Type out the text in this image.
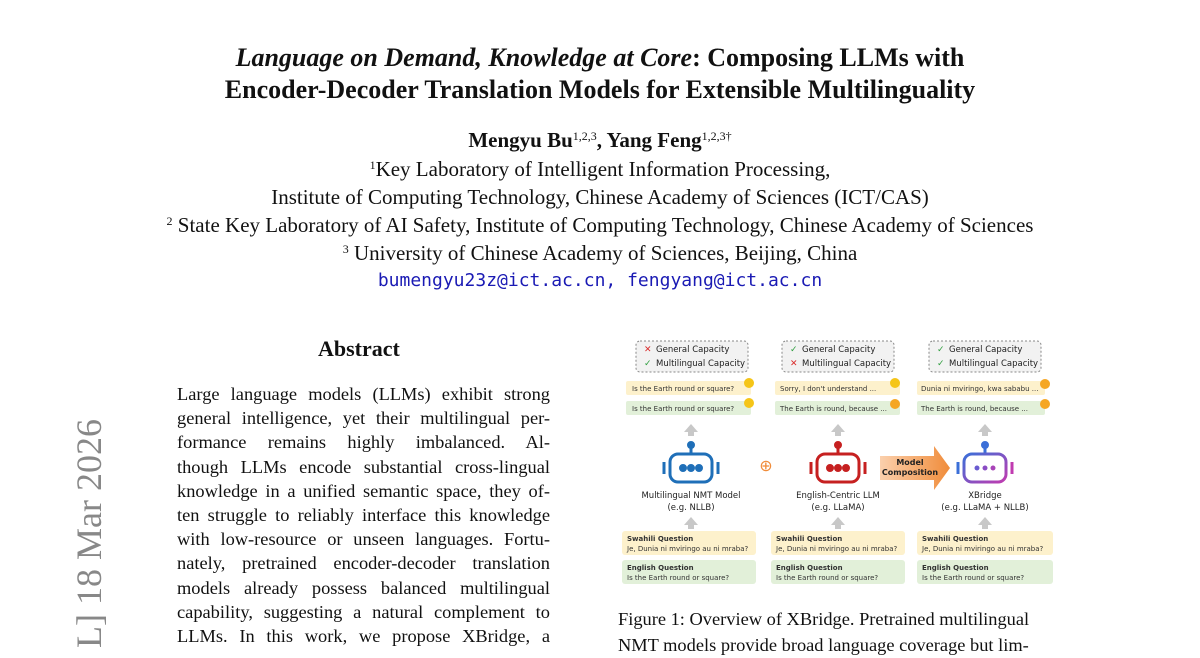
Language on Demand, Knowledge at Core: Composing LLMs with
Encoder-Decoder Translation Models for Extensible Multilinguality
Mengyu Bu$^{1,2,3}$, Yang Feng$^{1,2,3\dagger}$
$^1$Key Laboratory of Intelligent Information Processing,
Institute of Computing Technology, Chinese Academy of Sciences (ICT/CAS)
$^2$ State Key Laboratory of AI Safety, Institute of Computing Technology, Chinese Academy of Sciences
$^3$ University of Chinese Academy of Sciences, Beijing, China
bumengyu23z@ict.ac.cn, fengyang@ict.ac.cn
L] 18 Mar 2026
Abstract
Large language models (LLMs) exhibit strong
general intelligence, yet their multilingual per-
formance remains highly imbalanced. Al-
though LLMs encode substantial cross-lingual
knowledge in a unified semantic space, they of-
ten struggle to reliably interface this knowledge
with low-resource or unseen languages. Fortu-
nately, pretrained encoder-decoder translation
models already possess balanced multilingual
capability, suggesting a natural complement to
LLMs. In this work, we propose XBridge, a
✕ General Capacity
✓ Multilingual Capacity
Is the Earth round or square?
Is the Earth round or square?
Multilingual NMT Model
(e.g. NLLB)
Swahili Question
Je, Dunia ni mviringo au ni mraba?
English Question
Is the Earth round or square?
⊕
✓ General Capacity
✕ Multilingual Capacity
Sorry, I don't understand ...
The Earth is round, because ...
English-Centric LLM
(e.g. LLaMA)
Swahili Question
Je, Dunia ni mviringo au ni mraba?
English Question
Is the Earth round or square?
Model
Composition
✓ General Capacity
✓ Multilingual Capacity
Dunia ni mviringo, kwa sababu ...
The Earth is round, because ...
XBridge
(e.g. LLaMA + NLLB)
Swahili Question
Je, Dunia ni mviringo au ni mraba?
English Question
Is the Earth round or square?
Figure 1: Overview of XBridge. Pretrained multilingual
NMT models provide broad language coverage but lim-
